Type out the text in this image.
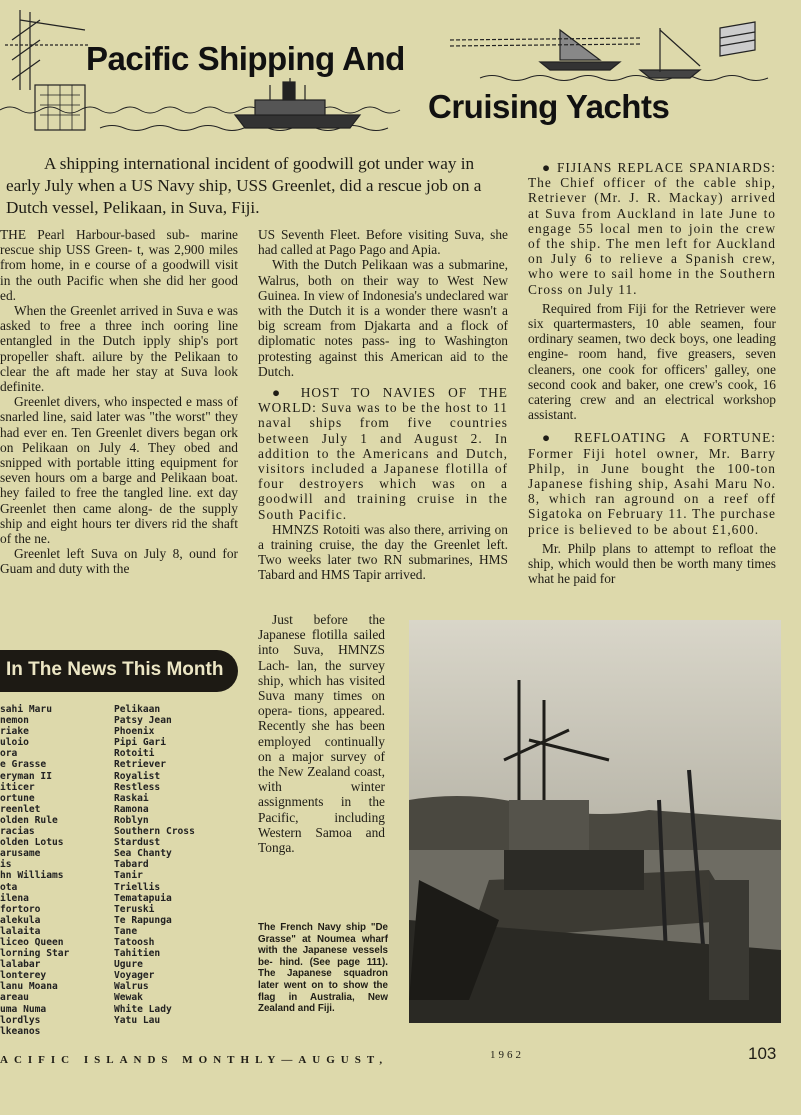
Pacific Shipping And
Cruising Yachts

A shipping international incident of goodwill got under way in early July when a US Navy ship, USS Greenlet, did a rescue job on a Dutch vessel, Pelikaan, in Suva, Fiji.

THE Pearl Harbour-based sub- marine rescue ship USS Green- t, was 2,900 miles from home, in e course of a goodwill visit in the outh Pacific when she did her good ed.

When the Greenlet arrived in Suva e was asked to free a three inch ooring line entangled in the Dutch ipply ship's port propeller shaft. ailure by the Pelikaan to clear the aft made her stay at Suva look definite.

Greenlet divers, who inspected e mass of snarled line, said later was "the worst" they had ever en. Ten Greenlet divers began ork on Pelikaan on July 4. They obed and snipped with portable itting equipment for seven hours om a barge and Pelikaan boat. hey failed to free the tangled line. ext day Greenlet then came along- de the supply ship and eight hours ter divers rid the shaft of the ne.

Greenlet left Suva on July 8, ound for Guam and duty with the

US Seventh Fleet. Before visiting Suva, she had called at Pago Pago and Apia.

With the Dutch Pelikaan was a submarine, Walrus, both on their way to West New Guinea. In view of Indonesia's undeclared war with the Dutch it is a wonder there wasn't a big scream from Djakarta and a flock of diplomatic notes pass- ing to Washington protesting against this American aid to the Dutch.

● HOST TO NAVIES OF THE WORLD: Suva was to be the host to 11 naval ships from five countries between July 1 and August 2. In addition to the Americans and Dutch, visitors included a Japanese flotilla of four destroyers which was on a goodwill and training cruise in the South Pacific.

HMNZS Rotoiti was also there, arriving on a training cruise, the day the Greenlet left. Two weeks later two RN submarines, HMS Tabard and HMS Tapir arrived.

Just before the Japanese flotilla sailed into Suva, HMNZS Lach- lan, the survey ship, which has visited Suva many times on opera- tions, appeared. Recently she has been employed continually on a major survey of the New Zealand coast, with winter assignments in the Pacific, including Western Samoa and Tonga.

● FIJIANS REPLACE SPANIARDS: The Chief officer of the cable ship, Retriever (Mr. J. R. Mackay) arrived at Suva from Auckland in late June to engage 55 local men to join the crew of the ship. The men left for Auckland on July 6 to relieve a Spanish crew, who were to sail home in the Southern Cross on July 11.

Required from Fiji for the Retriever were six quartermasters, 10 able seamen, four ordinary seamen, two deck boys, one leading engine- room hand, five greasers, seven cleaners, one cook for officers' galley, one second cook and baker, one crew's cook, 16 catering crew and an electrical workshop assistant.

● REFLOATING A FORTUNE: Former Fiji hotel owner, Mr. Barry Philp, in June bought the 100-ton Japanese fishing ship, Asahi Maru No. 8, which ran aground on a reef off Sigatoka on February 11. The purchase price is believed to be about £1,600.

Mr. Philp plans to attempt to refloat the ship, which would then be worth many times what he paid for

In The News This Month
sahi Maru
nemon
riake
uloio
ora
e Grasse
eryman II
iticer
ortune
reenlet
olden Rule
racias
olden Lotus
arusame
is
hn Williams
ota
ilena
fortoro
alekula
lalaita
liceo Queen
lorning Star
lalabar
lonterey
lanu Moana
areau
uma Numa
lordlys
lkeanos
Pelikaan
Patsy Jean
Phoenix
Pipi Gari
Rotoiti
Retriever
Royalist
Restless
Raskai
Ramona
Roblyn
Southern Cross
Stardust
Sea Chanty
Tabard
Tanir
Triellis
Tematapuia
Teruski
Te Rapunga
Tane
Tatoosh
Tahitien
Ugure
Voyager
Walrus
Wewak
White Lady
Yatu Lau
The French Navy ship "De Grasse" at Noumea wharf with the Japanese vessels be- hind. (See page 111). The Japanese squadron later went on to show the flag in Australia, New Zealand and Fiji.
ACIFIC ISLANDS MONTHLY—AUGUST,	1962	103
